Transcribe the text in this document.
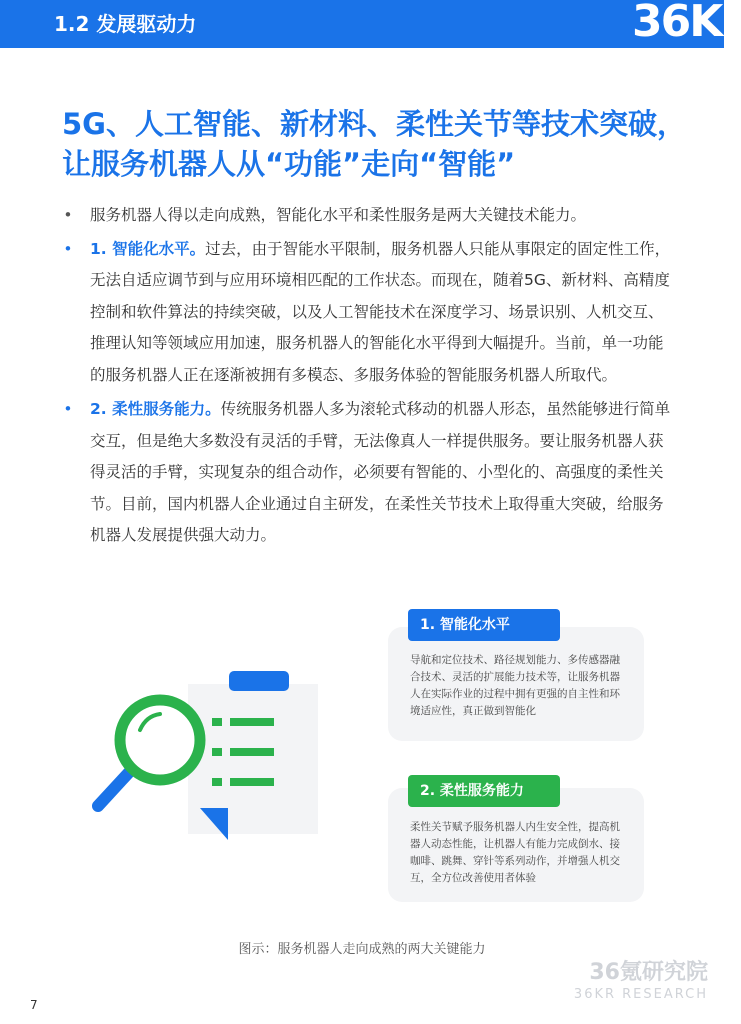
1.2 发展驱动力	36Kr
5G、人工智能、新材料、柔性关节等技术突破，
让服务机器人从“功能”走向“智能”
• 服务机器人得以走向成熟，智能化水平和柔性服务是两大关键技术能力。
• 1. 智能化水平。过去，由于智能水平限制，服务机器人只能从事限定的固定性工作，无法自适应调节到与应用环境相匹配的工作状态。而现在，随着5G、新材料、高精度控制和软件算法的持续突破，以及人工智能技术在深度学习、场景识别、人机交互、推理认知等领域应用加速，服务机器人的智能化水平得到大幅提升。当前，单一功能的服务机器人正在逐渐被拥有多模态、多服务体验的智能服务机器人所取代。
• 2. 柔性服务能力。传统服务机器人多为滚轮式移动的机器人形态，虽然能够进行简单交互，但是绝大多数没有灵活的手臂，无法像真人一样提供服务。要让服务机器人获得灵活的手臂，实现复杂的组合动作，必须要有智能的、小型化的、高强度的柔性关节。目前，国内机器人企业通过自主研发，在柔性关节技术上取得重大突破，给服务机器人发展提供强大动力。
1. 智能化水平
导航和定位技术、路径规划能力、多传感器融合技术、灵活的扩展能力技术等，让服务机器人在实际作业的过程中拥有更强的自主性和环境适应性，真正做到智能化
2. 柔性服务能力
柔性关节赋予服务机器人内生安全性，提高机器人动态性能，让机器人有能力完成倒水、接咖啡、跳舞、穿针等系列动作，并增强人机交互，全方位改善使用者体验
图示：服务机器人走向成熟的两大关键能力
36氪研究院
36KR RESEARCH
7
